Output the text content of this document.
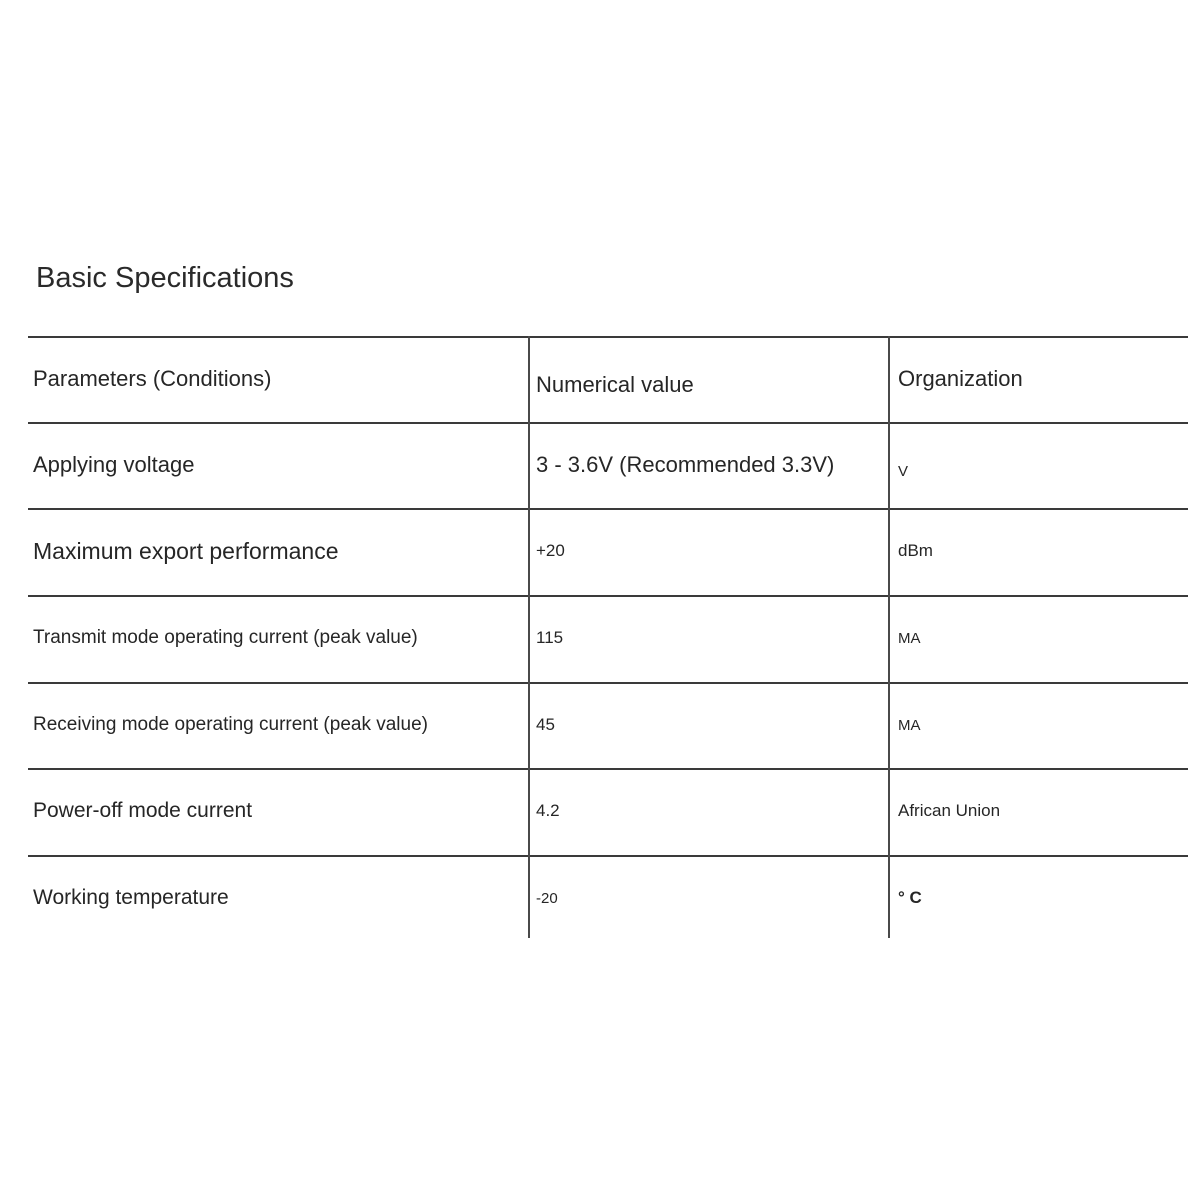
Basic Specifications
Parameters (Conditions)	Numerical value	Organization
Applying voltage	3 - 3.6V (Recommended 3.3V)	V
Maximum export performance	+20	dBm
Transmit mode operating current (peak value)	115	MA
Receiving mode operating current (peak value)	45	MA
Power-off mode current	4.2	African Union
Working temperature	-20	° C
